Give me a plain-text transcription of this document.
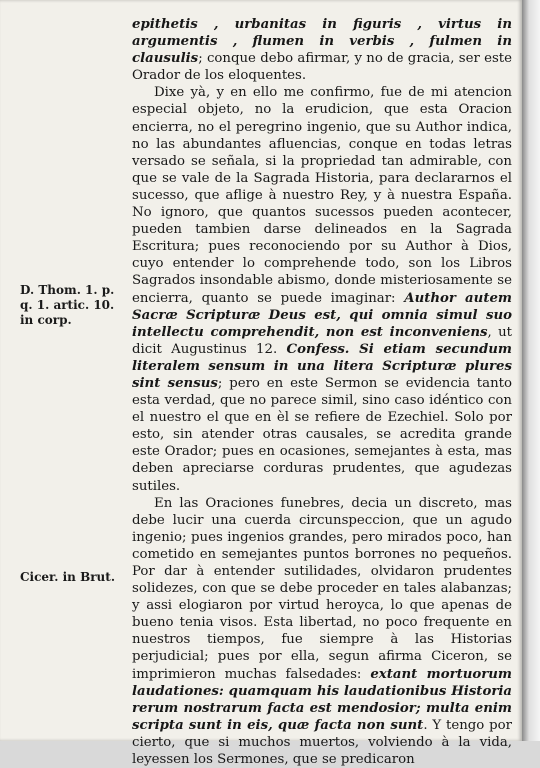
epithetis , urbanitas in figuris , virtus in argumentis , flumen in verbis , fulmen in clausulis; conque debo afirmar, y no de gracia, ser este Orador de los eloquentes.

Dixe yà, y en ello me confirmo, fue de mi atencion especial objeto, no la erudicion, que esta Oracion encierra, no el peregrino ingenio, que su Author indica, no las abundantes afluencias, conque en todas letras versado se señala, si la propriedad tan admirable, con que se vale de la Sagrada Historia, para declararnos el sucesso, que aflige à nuestro Rey, y à nuestra España. No ignoro, que quantos sucessos pueden acontecer, pueden tambien darse delineados en la Sagrada Escritura; pues reconociendo por su Author à Dios, cuyo entender lo comprehende todo, son los Libros Sagrados insondable abismo, donde misteriosamente se encierra, quanto se puede imaginar: Author autem Sacræ Scripturæ Deus est, qui omnia simul suo intellectu comprehendit, non est inconveniens, ut dicit Augustinus 12. Confess. Si etiam secundum literalem sensum in una litera Scripturæ plures sint sensus; pero en este Sermon se evidencia tanto esta verdad, que no parece simil, sino caso idéntico con el nuestro el que en èl se refiere de Ezechiel. Solo por esto, sin atender otras causales, se acredita grande este Orador; pues en ocasiones, semejantes à esta, mas deben apreciarse corduras prudentes, que agudezas sutiles.

En las Oraciones funebres, decia un discreto, mas debe lucir una cuerda circunspeccion, que un agudo ingenio; pues ingenios grandes, pero mirados poco, han cometido en semejantes puntos borrones no pequeños. Por dar à entender sutilidades, olvidaron prudentes solidezes, con que se debe proceder en tales alabanzas; y assi elogiaron por virtud heroyca, lo que apenas de bueno tenia visos. Esta libertad, no poco frequente en nuestros tiempos, fue siempre à las Historias perjudicial; pues por ella, segun afirma Ciceron, se imprimieron muchas falsedades: extant mortuorum laudationes: quamquam his laudationibus Historia rerum nostrarum facta est mendosior; multa enim scripta sunt in eis, quæ facta non sunt. Y tengo por cierto, que si muchos muertos, volviendo à la vida, leyessen los Sermones, que se predicaron

D. Thom. 1. p. q. 1. artic. 10. in corp.
Cicer. in Brut.
